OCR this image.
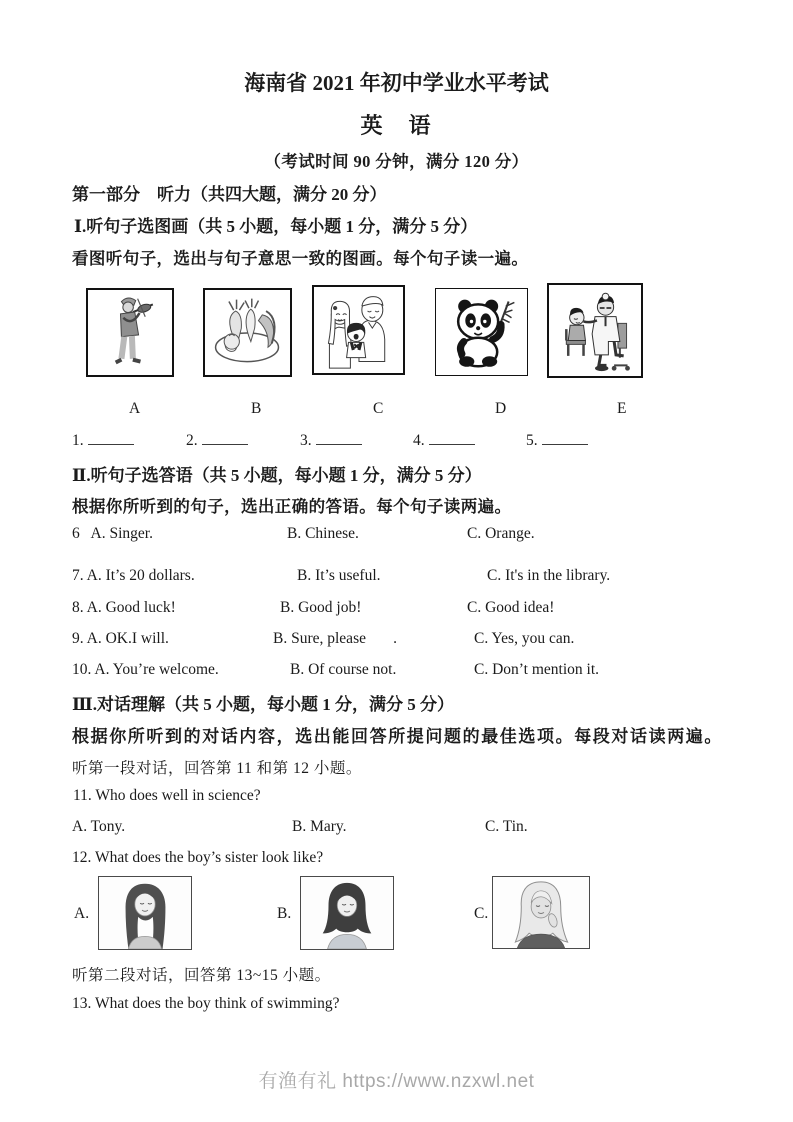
海南省 2021 年初中学业水平考试
英　语
（考试时间 90 分钟，满分 120 分）
第一部分　听力（共四大题，满分 20 分）
Ⅰ.听句子选图画（共 5 小题，每小题 1 分，满分 5 分）
看图听句子，选出与句子意思一致的图画。每个句子读一遍。
A	B	C	D	E
1.	2.	3.	4.	5.
Ⅱ.听句子选答语（共 5 小题，每小题 1 分，满分 5 分）
根据你所听到的句子，选出正确的答语。每个句子读两遍。
6   A. Singer.	B. Chinese.	C. Orange.
7. A. It’s 20 dollars.	B. It’s useful.	C. It's in the library.
8. A. Good luck!	B. Good job!	C. Good idea!
9. A. OK.I will.	B. Sure, please       .	C. Yes, you can.
10. A. You’re welcome.	B. Of course not.	C. Don’t mention it.
Ⅲ.对话理解（共 5 小题，每小题 1 分，满分 5 分）
根据你所听到的对话内容，选出能回答所提问题的最佳选项。每段对话读两遍。
听第一段对话，回答第 11 和第 12 小题。
11. Who does well in science?
A. Tony.	B. Mary.	C. Tin.
12. What does the boy’s sister look like?
A.	B.	C.
听第二段对话，回答第 13~15 小题。
13. What does the boy think of swimming?
有渔有礼 https://www.nzxwl.net
